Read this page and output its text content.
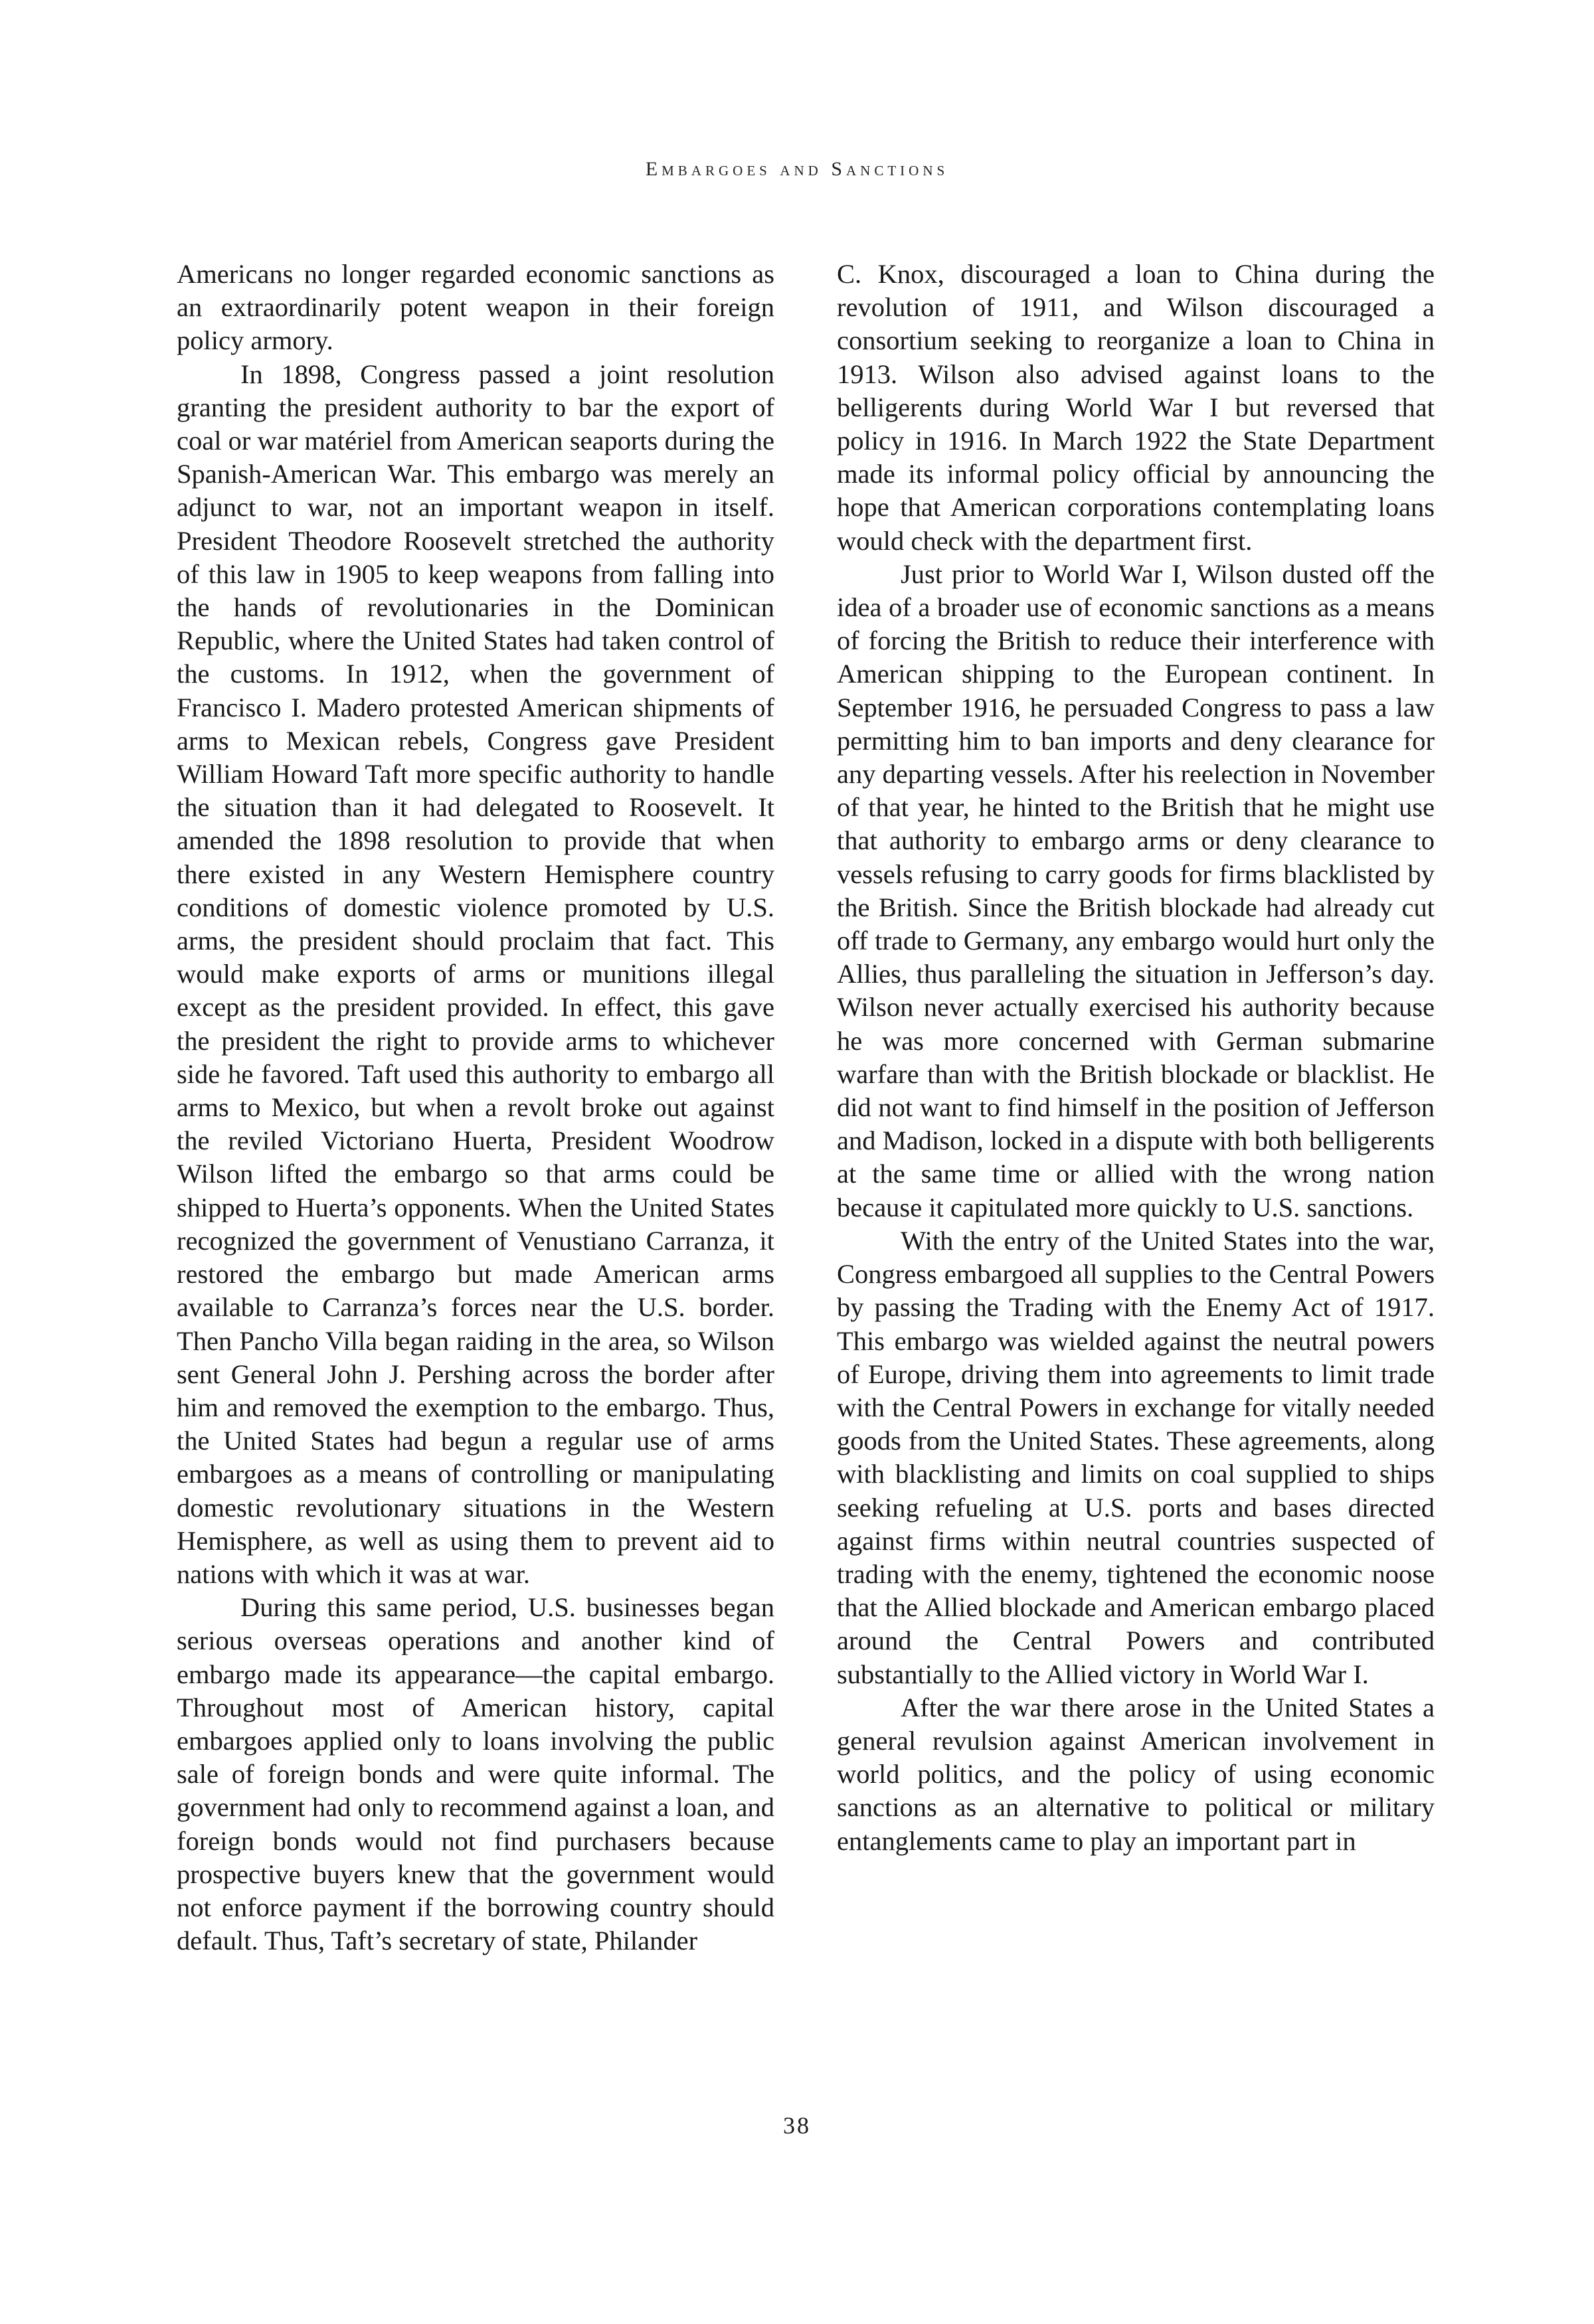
Embargoes and Sanctions

Americans no longer regarded economic sanctions as an extraordinarily potent weapon in their foreign policy armory.

In 1898, Congress passed a joint resolution granting the president authority to bar the export of coal or war matériel from American seaports during the Spanish-American War. This embargo was merely an adjunct to war, not an important weapon in itself. President Theodore Roosevelt stretched the authority of this law in 1905 to keep weapons from falling into the hands of revolutionaries in the Dominican Republic, where the United States had taken control of the customs. In 1912, when the government of Francisco I. Madero protested American shipments of arms to Mexican rebels, Congress gave President William Howard Taft more specific authority to handle the situation than it had delegated to Roosevelt. It amended the 1898 resolution to provide that when there existed in any Western Hemisphere country conditions of domestic violence promoted by U.S. arms, the president should proclaim that fact. This would make exports of arms or munitions illegal except as the president provided. In effect, this gave the president the right to provide arms to whichever side he favored. Taft used this authority to embargo all arms to Mexico, but when a revolt broke out against the reviled Victoriano Huerta, President Woodrow Wilson lifted the embargo so that arms could be shipped to Huerta’s opponents. When the United States recognized the government of Venustiano Carranza, it restored the embargo but made American arms available to Carranza’s forces near the U.S. border. Then Pancho Villa began raiding in the area, so Wilson sent General John J. Pershing across the border after him and removed the exemption to the embargo. Thus, the United States had begun a regular use of arms embargoes as a means of controlling or manipulating domestic revolutionary situations in the Western Hemisphere, as well as using them to prevent aid to nations with which it was at war.

During this same period, U.S. businesses began serious overseas operations and another kind of embargo made its appearance—the capital embargo. Throughout most of American history, capital embargoes applied only to loans involving the public sale of foreign bonds and were quite informal. The government had only to recommend against a loan, and foreign bonds would not find purchasers because prospective buyers knew that the government would not enforce payment if the borrowing country should default. Thus, Taft’s secretary of state, Philander

C. Knox, discouraged a loan to China during the revolution of 1911, and Wilson discouraged a consortium seeking to reorganize a loan to China in 1913. Wilson also advised against loans to the belligerents during World War I but reversed that policy in 1916. In March 1922 the State Department made its informal policy official by announcing the hope that American corporations contemplating loans would check with the department first.

Just prior to World War I, Wilson dusted off the idea of a broader use of economic sanctions as a means of forcing the British to reduce their interference with American shipping to the European continent. In September 1916, he persuaded Congress to pass a law permitting him to ban imports and deny clearance for any departing vessels. After his reelection in November of that year, he hinted to the British that he might use that authority to embargo arms or deny clearance to vessels refusing to carry goods for firms blacklisted by the British. Since the British blockade had already cut off trade to Germany, any embargo would hurt only the Allies, thus paralleling the situation in Jefferson’s day. Wilson never actually exercised his authority because he was more concerned with German submarine warfare than with the British blockade or blacklist. He did not want to find himself in the position of Jefferson and Madison, locked in a dispute with both belligerents at the same time or allied with the wrong nation because it capitulated more quickly to U.S. sanctions.

With the entry of the United States into the war, Congress embargoed all supplies to the Central Powers by passing the Trading with the Enemy Act of 1917. This embargo was wielded against the neutral powers of Europe, driving them into agreements to limit trade with the Central Powers in exchange for vitally needed goods from the United States. These agreements, along with blacklisting and limits on coal supplied to ships seeking refueling at U.S. ports and bases directed against firms within neutral countries suspected of trading with the enemy, tightened the economic noose that the Allied blockade and American embargo placed around the Central Powers and contributed substantially to the Allied victory in World War I.

After the war there arose in the United States a general revulsion against American involvement in world politics, and the policy of using economic sanctions as an alternative to political or military entanglements came to play an important part in

38
